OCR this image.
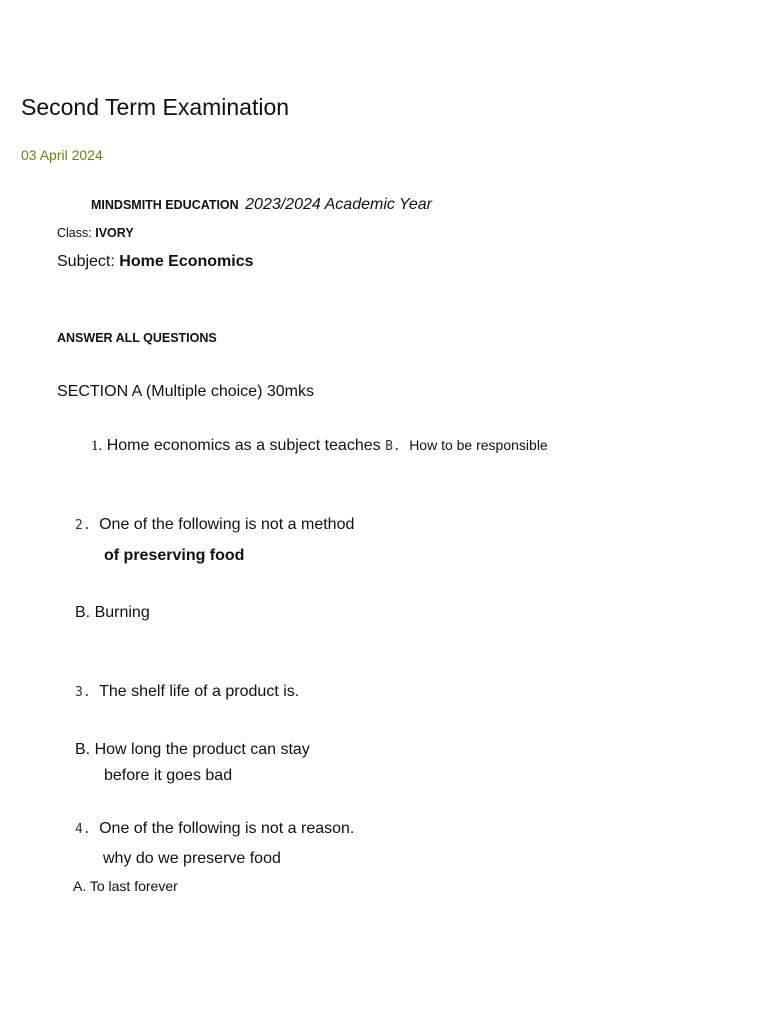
Second Term Examination
03 April 2024
MINDSMITH EDUCATION 2023/2024 Academic Year
Class: IVORY
Subject: Home Economics
ANSWER ALL QUESTIONS
SECTION A (Multiple choice) 30mks
1. Home economics as a subject teaches B. How to be responsible
2. One of the following is not a method
of preserving food
B. Burning
3. The shelf life of a product is.
B. How long the product can stay
before it goes bad
4. One of the following is not a reason.
why do we preserve food
A. To last forever
